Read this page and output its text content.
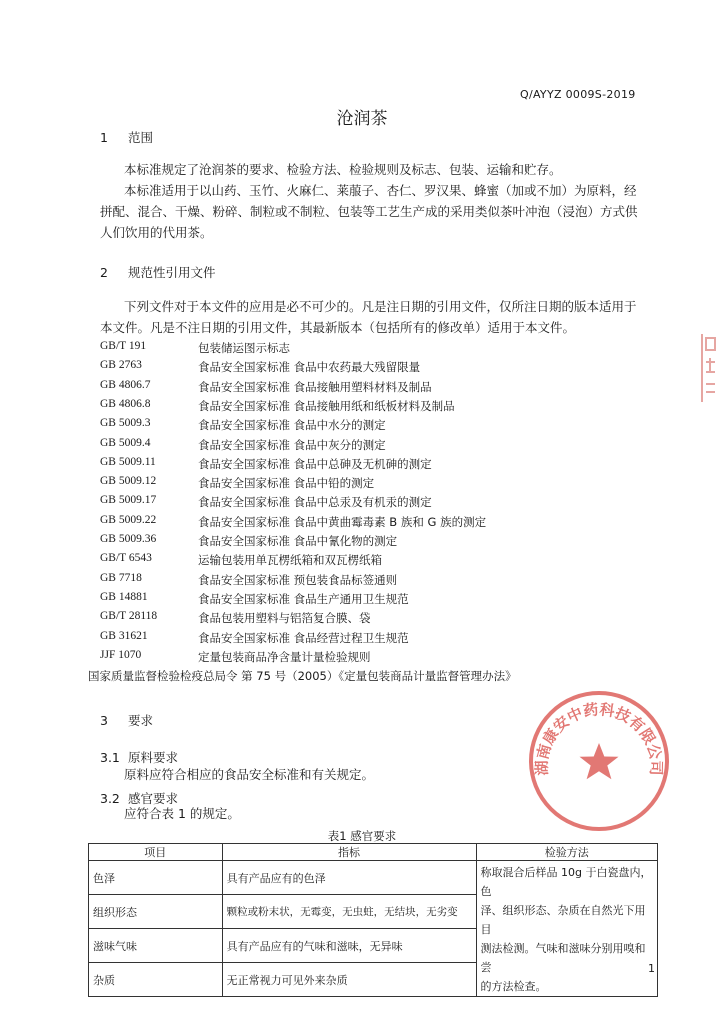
Q/AYYZ 0009S-2019
沧润茶
1 范围
本标准规定了沧润茶的要求、检验方法、检验规则及标志、包装、运输和贮存。
本标准适用于以山药、玉竹、火麻仁、莱菔子、杏仁、罗汉果、蜂蜜（加或不加）为原料，经
拼配、混合、干燥、粉碎、制粒或不制粒、包装等工艺生产成的采用类似茶叶冲泡（浸泡）方式供
人们饮用的代用茶。
2 规范性引用文件
下列文件对于本文件的应用是必不可少的。凡是注日期的引用文件，仅所注日期的版本适用于
本文件。凡是不注日期的引用文件，其最新版本（包括所有的修改单）适用于本文件。
GB/T 191	包装储运图示标志
GB 2763	食品安全国家标准 食品中农药最大残留限量
GB 4806.7	食品安全国家标准 食品接触用塑料材料及制品
GB 4806.8	食品安全国家标准 食品接触用纸和纸板材料及制品
GB 5009.3	食品安全国家标准 食品中水分的测定
GB 5009.4	食品安全国家标准 食品中灰分的测定
GB 5009.11	食品安全国家标准 食品中总砷及无机砷的测定
GB 5009.12	食品安全国家标准 食品中铅的测定
GB 5009.17	食品安全国家标准 食品中总汞及有机汞的测定
GB 5009.22	食品安全国家标准 食品中黄曲霉毒素 B 族和 G 族的测定
GB 5009.36	食品安全国家标准 食品中氰化物的测定
GB/T 6543	运输包装用单瓦楞纸箱和双瓦楞纸箱
GB 7718	食品安全国家标准 预包装食品标签通则
GB 14881	食品安全国家标准 食品生产通用卫生规范
GB/T 28118	食品包装用塑料与铝箔复合膜、袋
GB 31621	食品安全国家标准 食品经营过程卫生规范
JJF 1070	定量包装商品净含量计量检验规则
国家质量监督检验检疫总局令 第 75 号（2005）《定量包装商品计量监督管理办法》
3 要求
3.1 原料要求
原料应符合相应的食品安全标准和有关规定。
3.2 感官要求
应符合表 1 的规定。
表1 感官要求
项目	指标	检验方法
色泽	具有产品应有的色泽	称取混合后样品 10g 于白瓷盘内，色
泽、组织形态、杂质在自然光下用目
测法检测。气味和滋味分别用嗅和尝
的方法检查。

组织形态	颗粒或粉末状，无霉变，无虫蛀，无结块，无劣变	
滋味气味	具有产品应有的气味和滋味，无异味	
杂质	无正常视力可见外来杂质	
湖南康安中药科技有限公司
1
